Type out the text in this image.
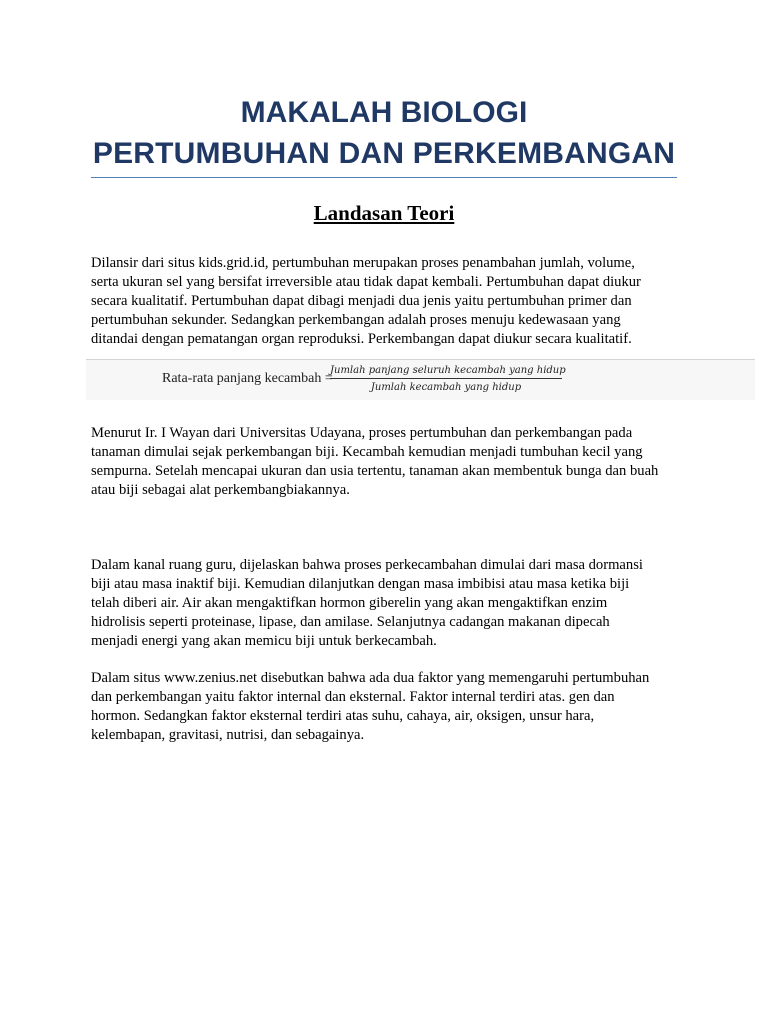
MAKALAH BIOLOGI
PERTUMBUHAN DAN PERKEMBANGAN
Landasan Teori

Dilansir dari situs kids.grid.id, pertumbuhan merupakan proses penambahan jumlah, volume,
serta ukuran sel yang bersifat irreversible atau tidak dapat kembali. Pertumbuhan dapat diukur
secara kualitatif. Pertumbuhan dapat dibagi menjadi dua jenis yaitu pertumbuhan primer dan
pertumbuhan sekunder. Sedangkan perkembangan adalah proses menuju kedewasaan yang
ditandai dengan pematangan organ reproduksi. Perkembangan dapat diukur secara kualitatif.

Rata-rata panjang kecambah =
Jumlah panjang seluruh kecambah yang hidup
Jumlah kecambah yang hidup

Menurut Ir. I Wayan dari Universitas Udayana, proses pertumbuhan dan perkembangan pada
tanaman dimulai sejak perkembangan biji. Kecambah kemudian menjadi tumbuhan kecil yang
sempurna. Setelah mencapai ukuran dan usia tertentu, tanaman akan membentuk bunga dan buah
atau biji sebagai alat perkembangbiakannya.

Dalam kanal ruang guru, dijelaskan bahwa proses perkecambahan dimulai dari masa dormansi
biji atau masa inaktif biji. Kemudian dilanjutkan dengan masa imbibisi atau masa ketika biji
telah diberi air. Air akan mengaktifkan hormon giberelin yang akan mengaktifkan enzim
hidrolisis seperti proteinase, lipase, dan amilase. Selanjutnya cadangan makanan dipecah
menjadi energi yang akan memicu biji untuk berkecambah.

Dalam situs www.zenius.net disebutkan bahwa ada dua faktor yang memengaruhi pertumbuhan
dan perkembangan yaitu faktor internal dan eksternal. Faktor internal terdiri atas. gen dan
hormon. Sedangkan faktor eksternal terdiri atas suhu, cahaya, air, oksigen, unsur hara,
kelembapan, gravitasi, nutrisi, dan sebagainya.
